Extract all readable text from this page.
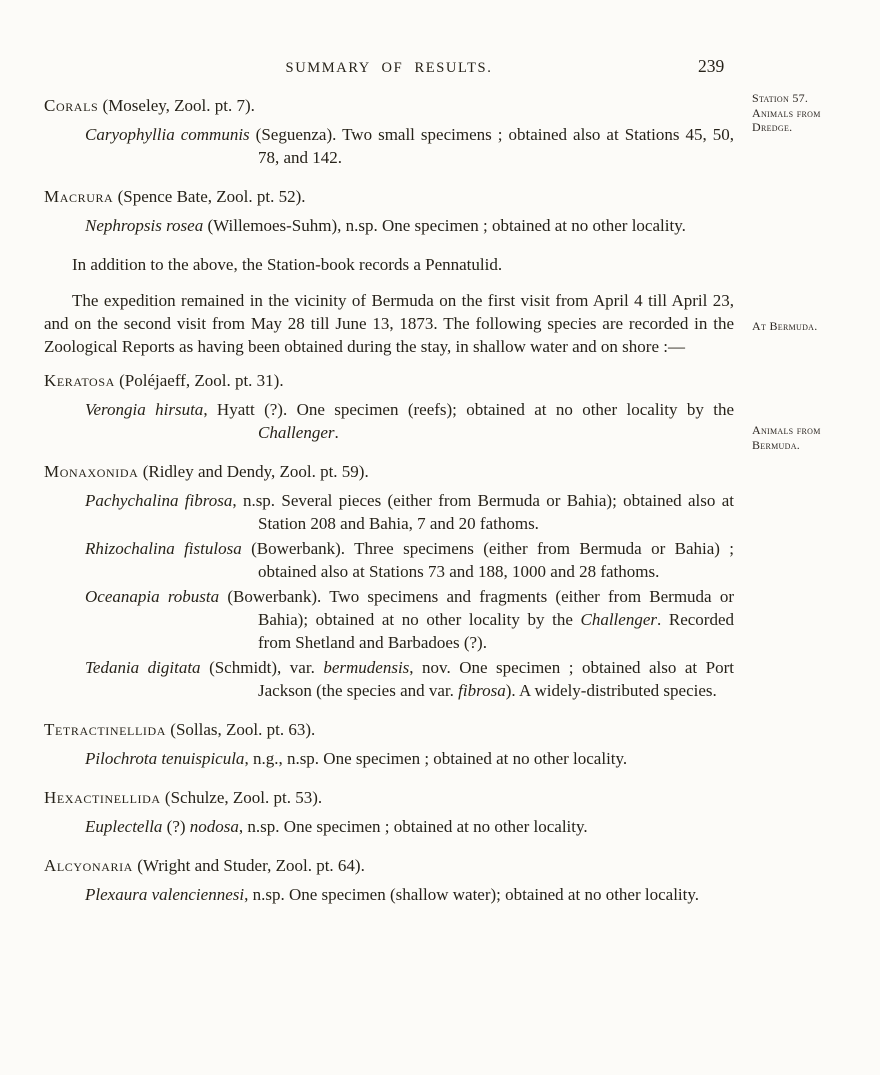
SUMMARY OF RESULTS.	239

Corals (Moseley, Zool. pt. 7).

Caryophyllia communis (Seguenza). Two small specimens ; obtained also at Stations 45, 50, 78, and 142.

Macrura (Spence Bate, Zool. pt. 52).

Nephropsis rosea (Willemoes-Suhm), n.sp. One specimen ; obtained at no other locality.

In addition to the above, the Station-book records a Pennatulid.

The expedition remained in the vicinity of Bermuda on the first visit from April 4 till April 23, and on the second visit from May 28 till June 13, 1873. The following species are recorded in the Zoological Reports as having been obtained during the stay, in shallow water and on shore :—

Keratosa (Poléjaeff, Zool. pt. 31).

Verongia hirsuta, Hyatt (?). One specimen (reefs); obtained at no other locality by the Challenger.

Monaxonida (Ridley and Dendy, Zool. pt. 59).

Pachychalina fibrosa, n.sp. Several pieces (either from Bermuda or Bahia); obtained also at Station 208 and Bahia, 7 and 20 fathoms.

Rhizochalina fistulosa (Bowerbank). Three specimens (either from Bermuda or Bahia) ; obtained also at Stations 73 and 188, 1000 and 28 fathoms.

Oceanapia robusta (Bowerbank). Two specimens and fragments (either from Bermuda or Bahia); obtained at no other locality by the Challenger. Recorded from Shetland and Barbadoes (?).

Tedania digitata (Schmidt), var. bermudensis, nov. One specimen ; obtained also at Port Jackson (the species and var. fibrosa). A widely-distributed species.

Tetractinellida (Sollas, Zool. pt. 63).

Pilochrota tenuispicula, n.g., n.sp. One specimen ; obtained at no other locality.

Hexactinellida (Schulze, Zool. pt. 53).

Euplectella (?) nodosa, n.sp. One specimen ; obtained at no other locality.

Alcyonaria (Wright and Studer, Zool. pt. 64).

Plexaura valenciennesi, n.sp. One specimen (shallow water); obtained at no other locality.

Station 57.
Animals from
Dredge.
At Bermuda.
Animals from
Bermuda.
